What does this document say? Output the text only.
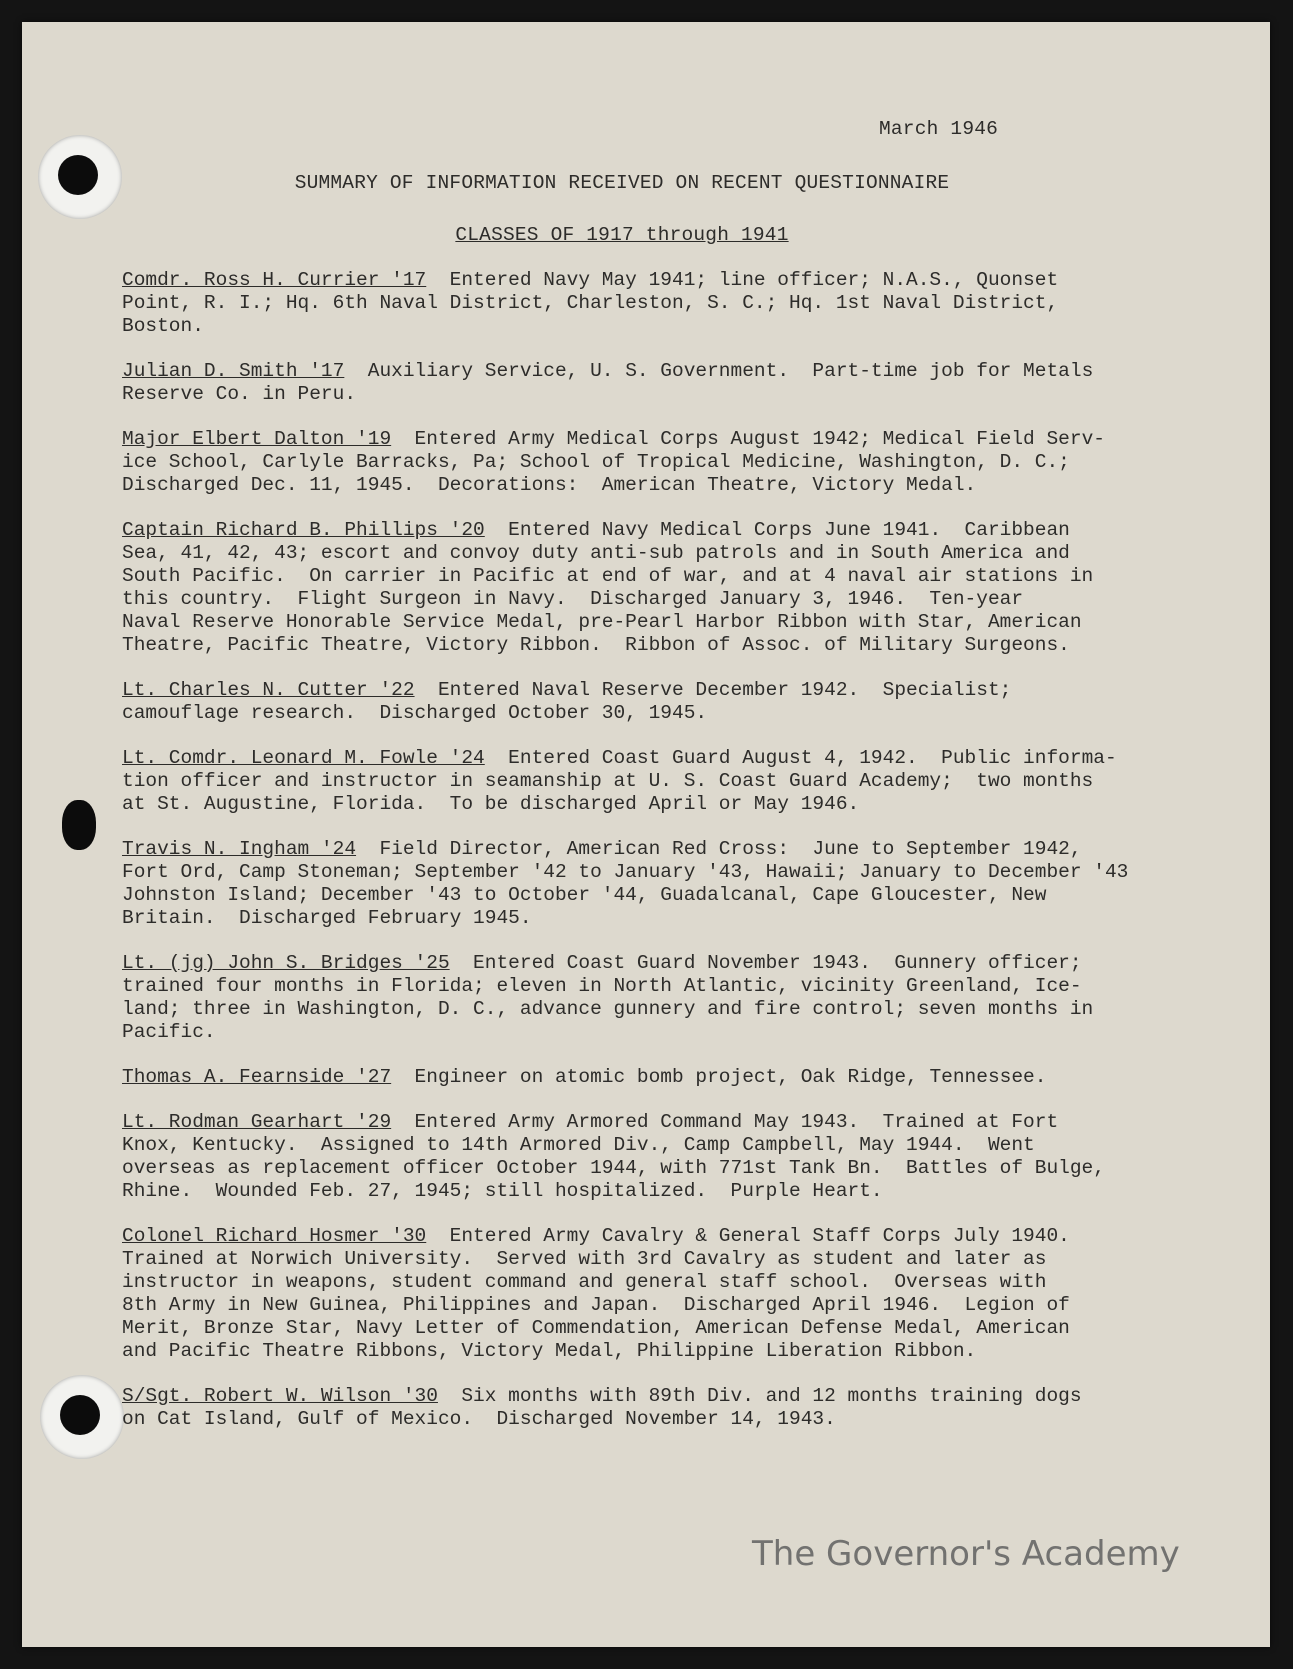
March 1946
SUMMARY OF INFORMATION RECEIVED ON RECENT QUESTIONNAIRE
CLASSES OF 1917 through 1941
Comdr. Ross H. Currier '17  Entered Navy May 1941; line officer; N.A.S., Quonset
Point, R. I.; Hq. 6th Naval District, Charleston, S. C.; Hq. 1st Naval District,
Boston.
Julian D. Smith '17  Auxiliary Service, U. S. Government.  Part-time job for Metals
Reserve Co. in Peru.
Major Elbert Dalton '19  Entered Army Medical Corps August 1942; Medical Field Serv-
ice School, Carlyle Barracks, Pa; School of Tropical Medicine, Washington, D. C.;
Discharged Dec. 11, 1945.  Decorations:  American Theatre, Victory Medal.
Captain Richard B. Phillips '20  Entered Navy Medical Corps June 1941.  Caribbean
Sea, 41, 42, 43; escort and convoy duty anti-sub patrols and in South America and
South Pacific.  On carrier in Pacific at end of war, and at 4 naval air stations in
this country.  Flight Surgeon in Navy.  Discharged January 3, 1946.  Ten-year
Naval Reserve Honorable Service Medal, pre-Pearl Harbor Ribbon with Star, American
Theatre, Pacific Theatre, Victory Ribbon.  Ribbon of Assoc. of Military Surgeons.
Lt. Charles N. Cutter '22  Entered Naval Reserve December 1942.  Specialist;
camouflage research.  Discharged October 30, 1945.
Lt. Comdr. Leonard M. Fowle '24  Entered Coast Guard August 4, 1942.  Public informa-
tion officer and instructor in seamanship at U. S. Coast Guard Academy;  two months
at St. Augustine, Florida.  To be discharged April or May 1946.
Travis N. Ingham '24  Field Director, American Red Cross:  June to September 1942,
Fort Ord, Camp Stoneman; September '42 to January '43, Hawaii; January to December '43
Johnston Island; December '43 to October '44, Guadalcanal, Cape Gloucester, New
Britain.  Discharged February 1945.
Lt. (jg) John S. Bridges '25  Entered Coast Guard November 1943.  Gunnery officer;
trained four months in Florida; eleven in North Atlantic, vicinity Greenland, Ice-
land; three in Washington, D. C., advance gunnery and fire control; seven months in
Pacific.
Thomas A. Fearnside '27  Engineer on atomic bomb project, Oak Ridge, Tennessee.
Lt. Rodman Gearhart '29  Entered Army Armored Command May 1943.  Trained at Fort
Knox, Kentucky.  Assigned to 14th Armored Div., Camp Campbell, May 1944.  Went
overseas as replacement officer October 1944, with 771st Tank Bn.  Battles of Bulge,
Rhine.  Wounded Feb. 27, 1945; still hospitalized.  Purple Heart.
Colonel Richard Hosmer '30  Entered Army Cavalry & General Staff Corps July 1940.
Trained at Norwich University.  Served with 3rd Cavalry as student and later as
instructor in weapons, student command and general staff school.  Overseas with
8th Army in New Guinea, Philippines and Japan.  Discharged April 1946.  Legion of
Merit, Bronze Star, Navy Letter of Commendation, American Defense Medal, American
and Pacific Theatre Ribbons, Victory Medal, Philippine Liberation Ribbon.
S/Sgt. Robert W. Wilson '30  Six months with 89th Div. and 12 months training dogs
on Cat Island, Gulf of Mexico.  Discharged November 14, 1943.
The Governor's Academy
